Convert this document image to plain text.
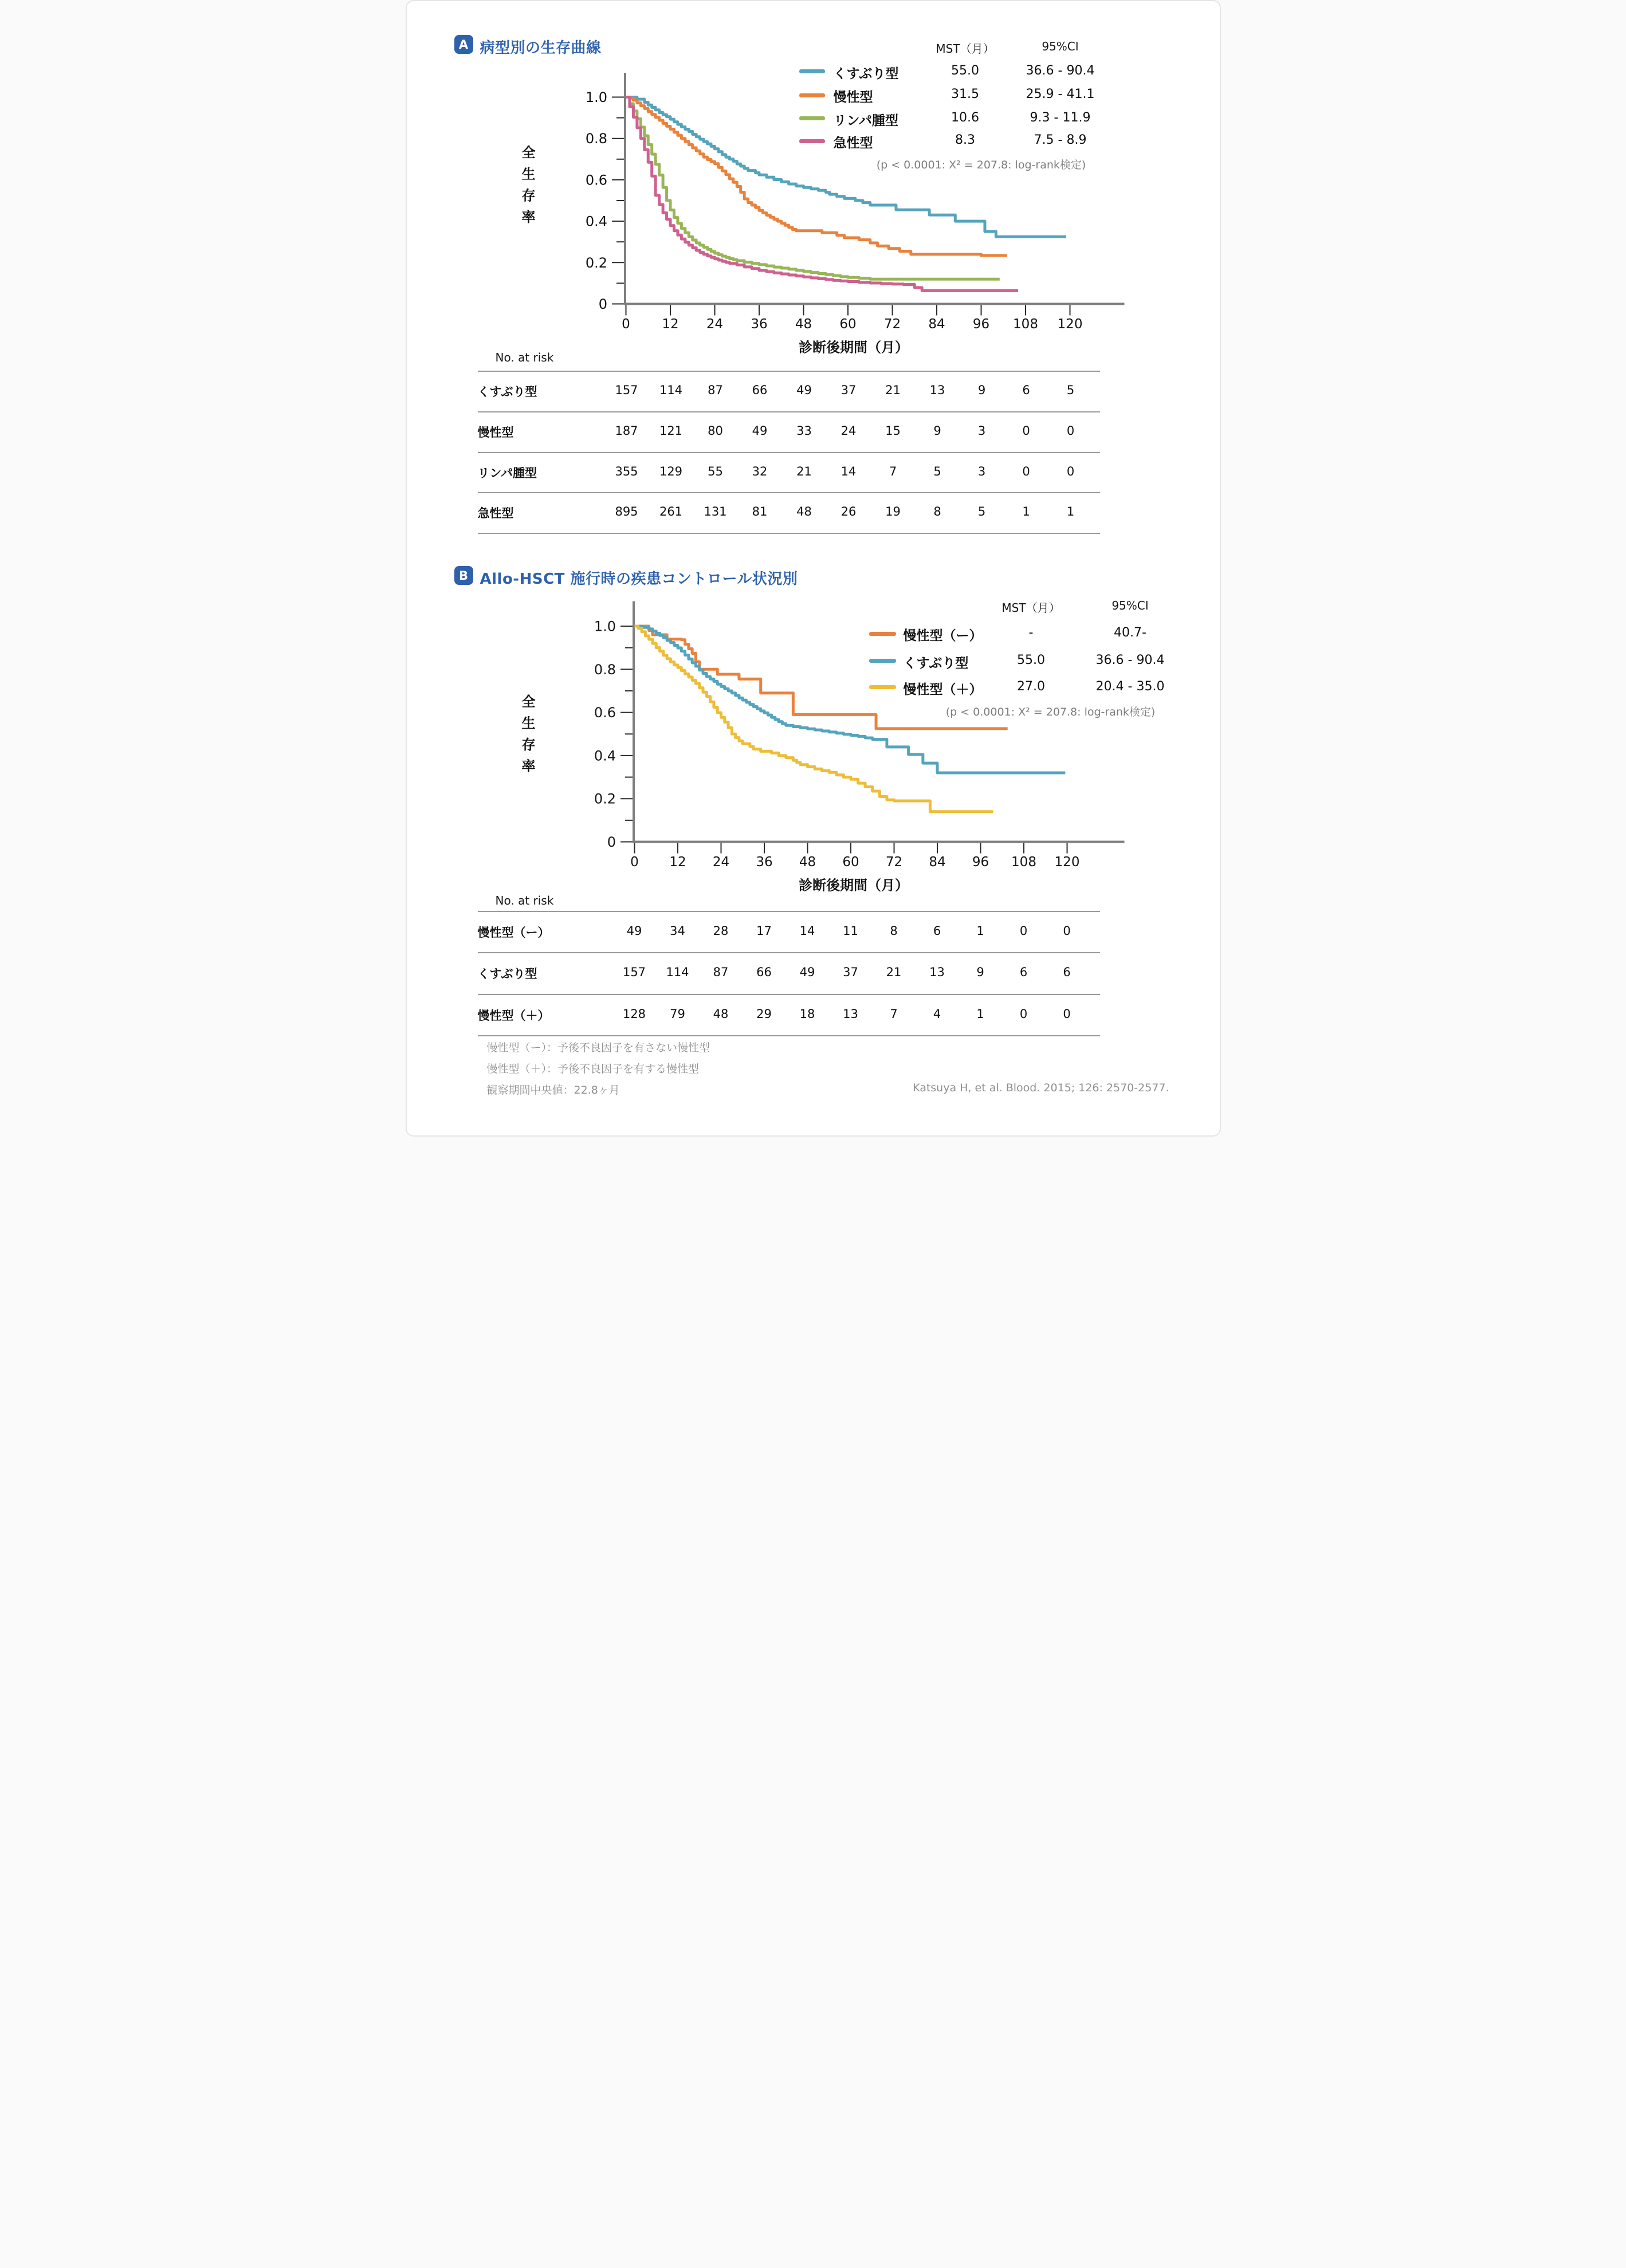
A 病型別の生存曲線
0 12 24 36 48 60 72 84 96 108 120
1.0
0.8
0.6
0.4
0.2
0
診断後期間（月）
全
生
存
率
MST（月）	95%CI
くすぶり型	55.0	36.6 - 90.4
慢性型	31.5	25.9 - 41.1
リンパ腫型	10.6	9.3 - 11.9
急性型	8.3	7.5 - 8.9
(p < 0.0001: X² = 207.8: log-rank検定)
No. at risk
くすぶり型	157	114	87	66	49	37	21	13	9	6	5
慢性型	187	121	80	49	33	24	15	9	3	0	0
リンパ腫型	355	129	55	32	21	14	7	5	3	0	0
急性型	895	261	131	81	48	26	19	8	5	1	1
B Allo-HSCT 施行時の疾患コントロール状況別
0 12 24 36 48 60 72 84 96 108 120
1.0
0.8
0.6
0.4
0.2
0
診断後期間（月）
全
生
存
率
MST（月）	95%CI
慢性型（ー）	-	40.7-
くすぶり型	55.0	36.6 - 90.4
慢性型（＋）	27.0	20.4 - 35.0
(p < 0.0001: X² = 207.8: log-rank検定)
No. at risk
慢性型（ー）	49	34	28	17	14	11	8	6	1	0	0
くすぶり型	157	114	87	66	49	37	21	13	9	6	6
慢性型（＋）	128	79	48	29	18	13	7	4	1	0	0
慢性型（ー）：予後不良因子を有さない慢性型
慢性型（＋）：予後不良因子を有する慢性型
観察期間中央値：22.8ヶ月	Katsuya H, et al. Blood. 2015; 126: 2570-2577.
